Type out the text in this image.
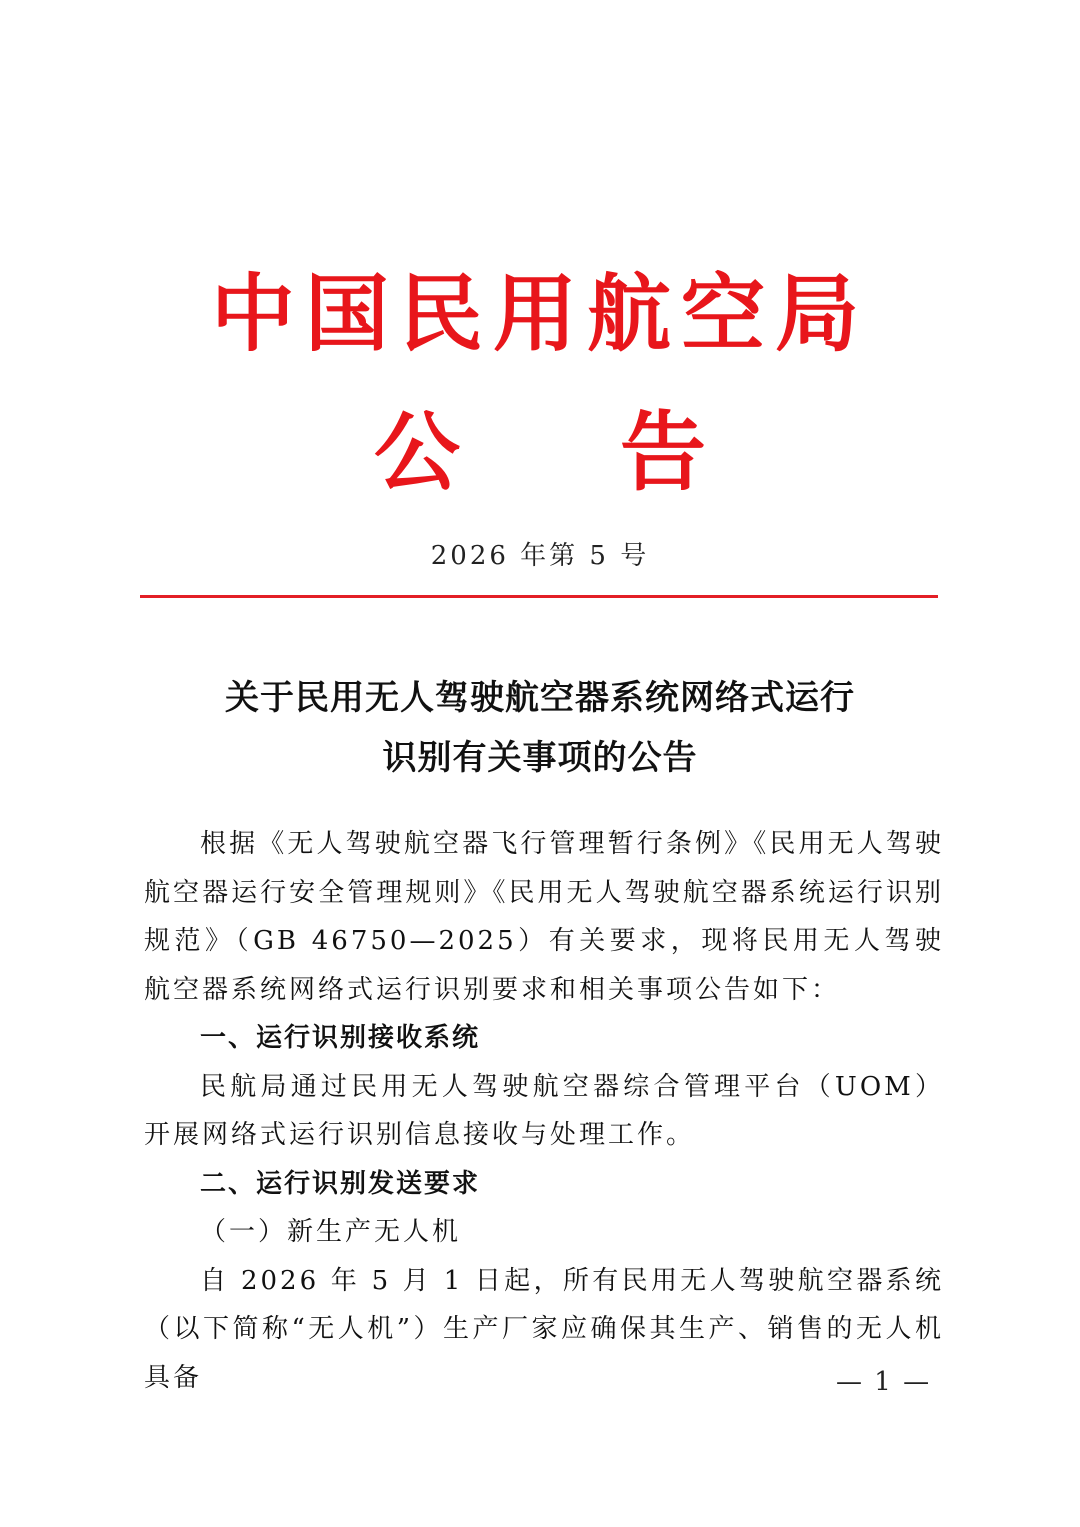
中国民用航空局
公告
2026 年第 5 号
关于民用无人驾驶航空器系统网络式运行
识别有关事项的公告

根据《无人驾驶航空器飞行管理暂行条例》《民用无人驾驶航空器运行安全管理规则》《民用无人驾驶航空器系统运行识别规范》（GB 46750—2025）有关要求，现将民用无人驾驶航空器系统网络式运行识别要求和相关事项公告如下：

一、运行识别接收系统

民航局通过民用无人驾驶航空器综合管理平台（UOM）开展网络式运行识别信息接收与处理工作。

二、运行识别发送要求

（一）新生产无人机

自 2026 年 5 月 1 日起，所有民用无人驾驶航空器系统（以下简称“无人机”）生产厂家应确保其生产、销售的无人机具备	— 1 —
